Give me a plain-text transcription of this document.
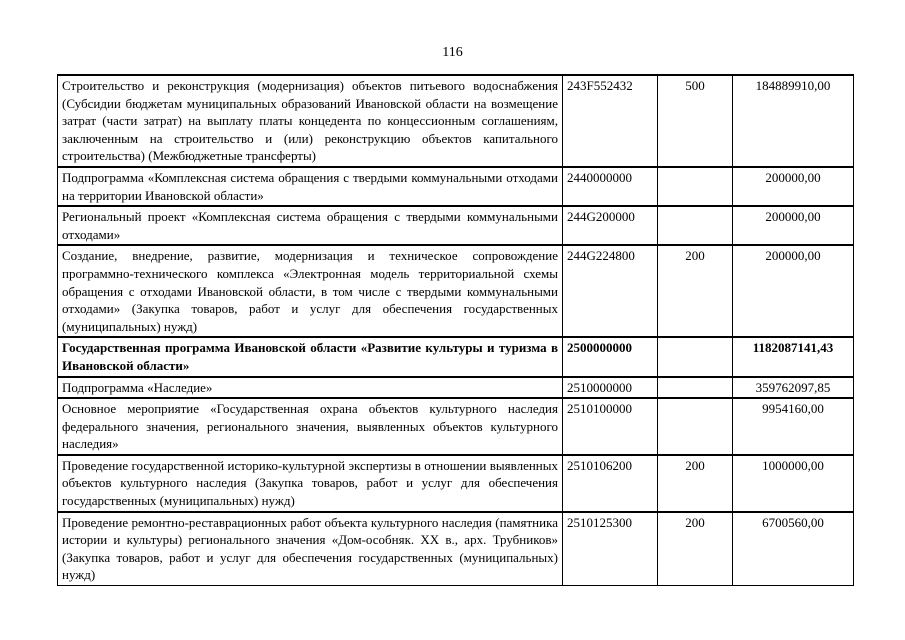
116
Строительство и реконструкция (модернизация) объектов питьевого водоснабжения (Субсидии бюджетам муниципальных образований Ивановской области на возмещение затрат (части затрат) на выплату платы концедента по концессионным соглашениям, заключенным на строительство и (или) реконструкцию объектов капитального строительства) (Межбюджетные трансферты)	243F552432	500	184889910,00
Подпрограмма «Комплексная система обращения с твердыми коммунальными отходами на территории Ивановской области»	2440000000		200000,00
Региональный проект «Комплексная система обращения с твердыми коммунальными отходами»	244G200000		200000,00
Создание, внедрение, развитие, модернизация и техническое сопровождение программно-технического комплекса «Электронная модель территориальной схемы обращения с отходами Ивановской области, в том числе с твердыми коммунальными отходами» (Закупка товаров, работ и услуг для обеспечения государственных (муниципальных) нужд)	244G224800	200	200000,00
Государственная программа Ивановской области «Развитие культуры и туризма в Ивановской области»	2500000000		1182087141,43
Подпрограмма «Наследие»	2510000000		359762097,85
Основное мероприятие «Государственная охрана объектов культурного наследия федерального значения, регионального значения, выявленных объектов культурного наследия»	2510100000		9954160,00
Проведение государственной историко-культурной экспертизы в отношении выявленных объектов культурного наследия (Закупка товаров, работ и услуг для обеспечения государственных (муниципальных) нужд)	2510106200	200	1000000,00
Проведение ремонтно-реставрационных работ объекта культурного наследия (памятника истории и культуры) регионального значения «Дом-особняк. XX в., арх. Трубников» (Закупка товаров, работ и услуг для обеспечения государственных (муниципальных) нужд)	2510125300	200	6700560,00
